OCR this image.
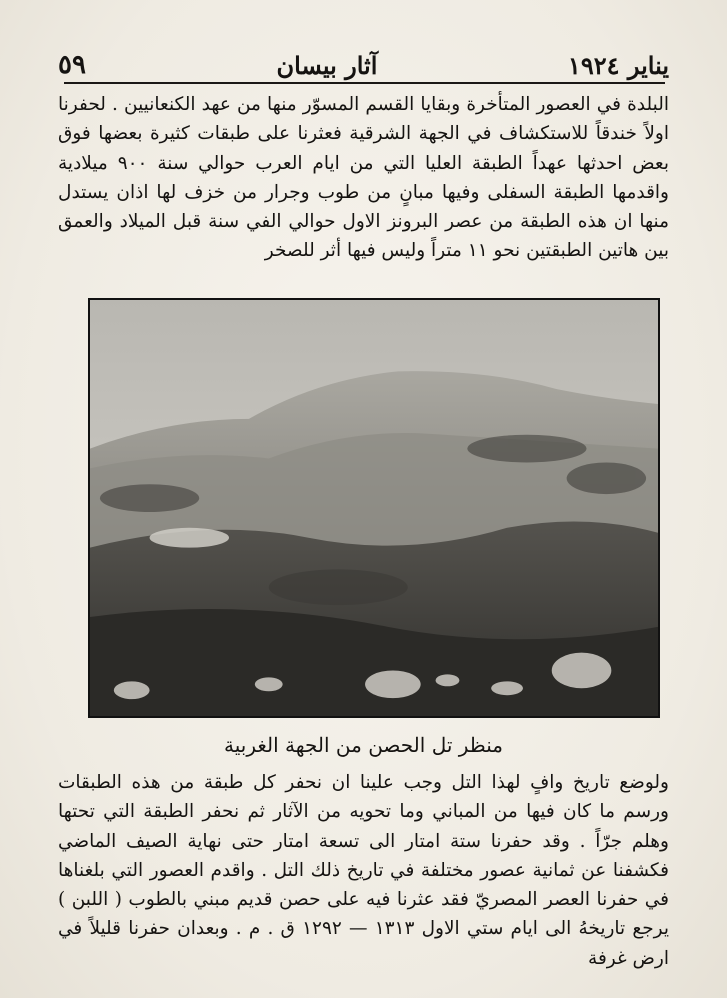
يناير ١٩٢٤
آثار بيسان
٥٩

البلدة في العصور المتأخرة وبقايا القسم المسوّر منها من عهد الكنعانيين . لحفرنا اولاً خندقاً للاستكشاف في الجهة الشرقية فعثرنا على طبقات كثيرة بعضها فوق بعض احدثها عهداً الطبقة العليا التي من ايام العرب حوالي سنة ٩٠٠ ميلادية واقدمها الطبقة السفلى وفيها مبانٍ من طوب وجرار من خزف لها اذان يستدل منها ان هذه الطبقة من عصر البرونز الاول حوالي الفي سنة قبل الميلاد والعمق بين هاتين الطبقتين نحو ١١ متراً وليس فيها أثر للصخر

منظر تل الحصن من الجهة الغربية

ولوضع تاريخ وافٍ لهذا التل وجب علينا ان نحفر كل طبقة من هذه الطبقات ورسم ما كان فيها من المباني وما تحويه من الآثار ثم نحفر الطبقة التي تحتها وهلم جرّاً . وقد حفرنا ستة امتار الى تسعة امتار حتى نهاية الصيف الماضي فكشفنا عن ثمانية عصور مختلفة في تاريخ ذلك التل . واقدم العصور التي بلغناها في حفرنا العصر المصريّ فقد عثرنا فيه على حصن قديم مبني بالطوب ( اللبن ) يرجع تاريخهُ الى ايام ستي الاول ١٣١٣ — ١٢٩٢ ق . م . وبعدان حفرنا قليلاً في ارض غرفة
